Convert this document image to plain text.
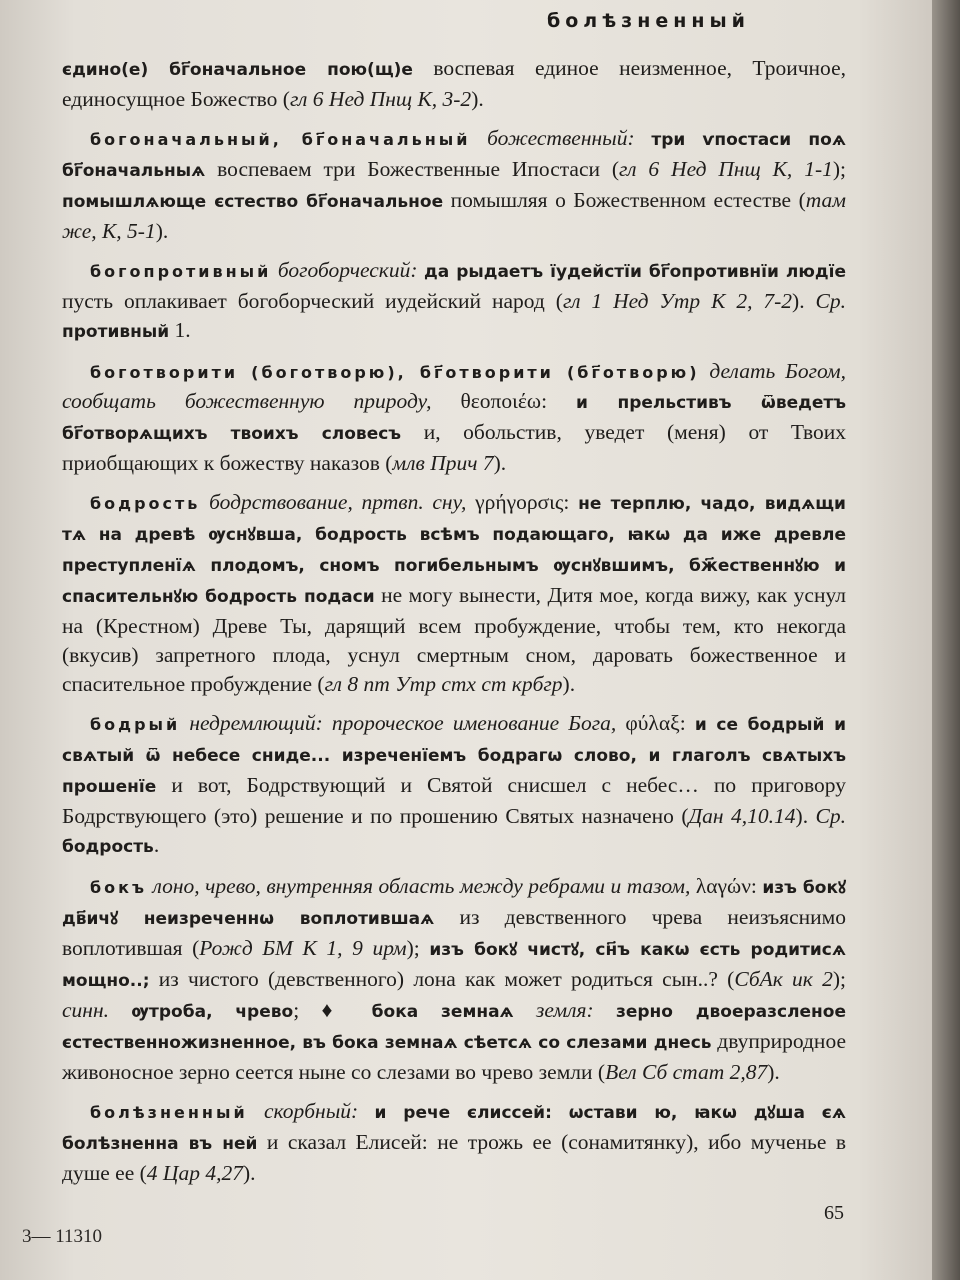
болѣзненный

єдино(е) бг҃оначальное пою(щ)е воспевая единое неизменное, Троичное, единосущное Божество (гл 6 Нед Пнщ К, 3-2).

богоначальный, бг҃оначальный божественный: три ѵпостаси поѧ бг҃оначальныѧ воспеваем три Божественные Ипостаси (гл 6 Нед Пнщ К, 1-1); помышлѧющe єстество бг҃оначальное помышляя о Божественном естестве (там же, К, 5-1).

богопротивный богоборческий: да рыдаетъ їудейстїи бг҃опротивнїи людїе пусть оплакивает богоборческий иудейский народ (гл 1 Нед Утр К 2, 7-2). Ср. противный 1.

боготворити (боготворю), бг҃отворити (бг҃отворю) делать Богом, сообщать божественную природу, θεοποιέω: и прельстивъ ѿведетъ бг҃отворѧщихъ твоихъ словесъ и, обольстив, уведет (меня) от Твоих приобщающих к божеству наказов (млв Прич 7).

бодрость бодрствование, пртвп. сну, γρήγορσις: не терплю, чадо, видѧщи тѧ на древѣ ѹснꙋвша, бодрость всѣмъ подающаго, ꙗкѡ да иже древле преступленїѧ плодомъ, сномъ погибельнымъ ѹснꙋвшимъ, бж҃ественнꙋю и спасительнꙋю бодрость подаси не могу вынести, Дитя мое, когда вижу, как уснул на (Крестном) Древе Ты, дарящий всем пробуждение, чтобы тем, кто некогда (вкусив) запретного плода, уснул смертным сном, даровать божественное и спасительное пробуждение (гл 8 пт Утр стх ст крбгр).

бодрый недремлющий: пророческое именование Бога, φύλαξ: и се бодрый и свѧтый ѿ небесе сниде... изреченїемъ бодрагѡ слово, и глаголъ свѧтыхъ прошенїе и вот, Бодрствующий и Святой снисшел с небес… по приговору Бодрствующего (это) решение и по прошению Святых назначено (Дан 4,10.14). Ср. бодрость.

бокъ лоно, чрево, внутренняя область между ребрами и тазом, λαγών: изъ бокꙋ дв҃ичꙋ неизреченнѡ воплотившаѧ из девственного чрева неизъяснимо воплотившая (Рожд БМ К 1, 9 ирм); изъ бокꙋ чистꙋ, сн҃ъ какѡ єсть родитисѧ мощно..; из чистого (девственного) лона как может родиться сын..? (СбАк ик 2); синн. ѹтроба, чрево; ♦ бока земнаѧ земля: зерно двоеразсленое єстественножизненное, въ бока земнаѧ сѣетсѧ со слезами днесь двуприродное живоносное зерно сеется ныне со слезами во чрево земли (Вел Сб стат 2,87).

болѣзненный скорбный: и рече єлиссей: ѡстави ю, ꙗкѡ дꙋша єѧ болѣзненна въ ней и сказал Елисей: не трожь ее (сонамитянку), ибо мученье в душе ее (4 Цар 4,27).

65
3— 11310
